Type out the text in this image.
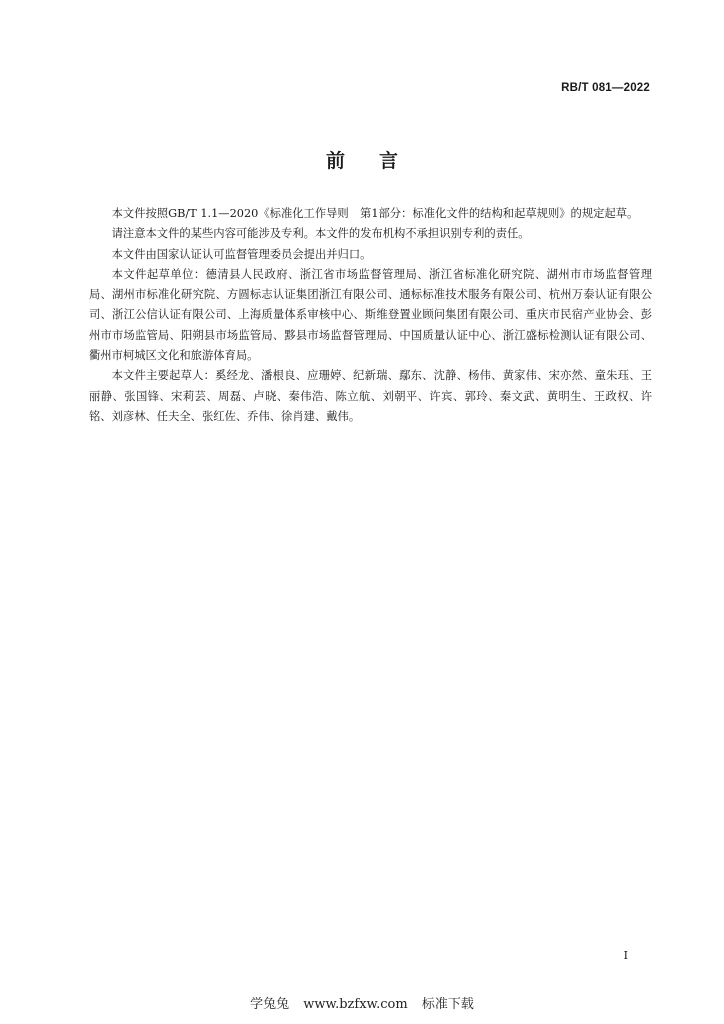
RB/T 081—2022
前 言

本文件按照GB/T 1.1—2020《标准化工作导则　第1部分：标准化文件的结构和起草规则》的规定起草。

请注意本文件的某些内容可能涉及专利。本文件的发布机构不承担识别专利的责任。

本文件由国家认证认可监督管理委员会提出并归口。

本文件起草单位：德清县人民政府、浙江省市场监督管理局、浙江省标准化研究院、湖州市市场监督管理局、湖州市标准化研究院、方圆标志认证集团浙江有限公司、通标标准技术服务有限公司、杭州万泰认证有限公司、浙江公信认证有限公司、上海质量体系审核中心、斯维登置业顾问集团有限公司、重庆市民宿产业协会、彭州市市场监管局、阳朔县市场监管局、黟县市场监督管理局、中国质量认证中心、浙江盛标检测认证有限公司、衢州市柯城区文化和旅游体育局。

本文件主要起草人：奚经龙、潘根良、应珊婷、纪新瑞、鄢东、沈静、杨伟、黄家伟、宋亦然、童朱珏、王丽静、张国锋、宋莉芸、周磊、卢晓、秦伟浩、陈立航、刘朝平、许宾、郭玲、秦文武、黄明生、王政权、许铭、刘彦林、任夫全、张红佐、乔伟、徐肖建、戴伟。

I
学兔兔 www.bzfxw.com 标准下载
